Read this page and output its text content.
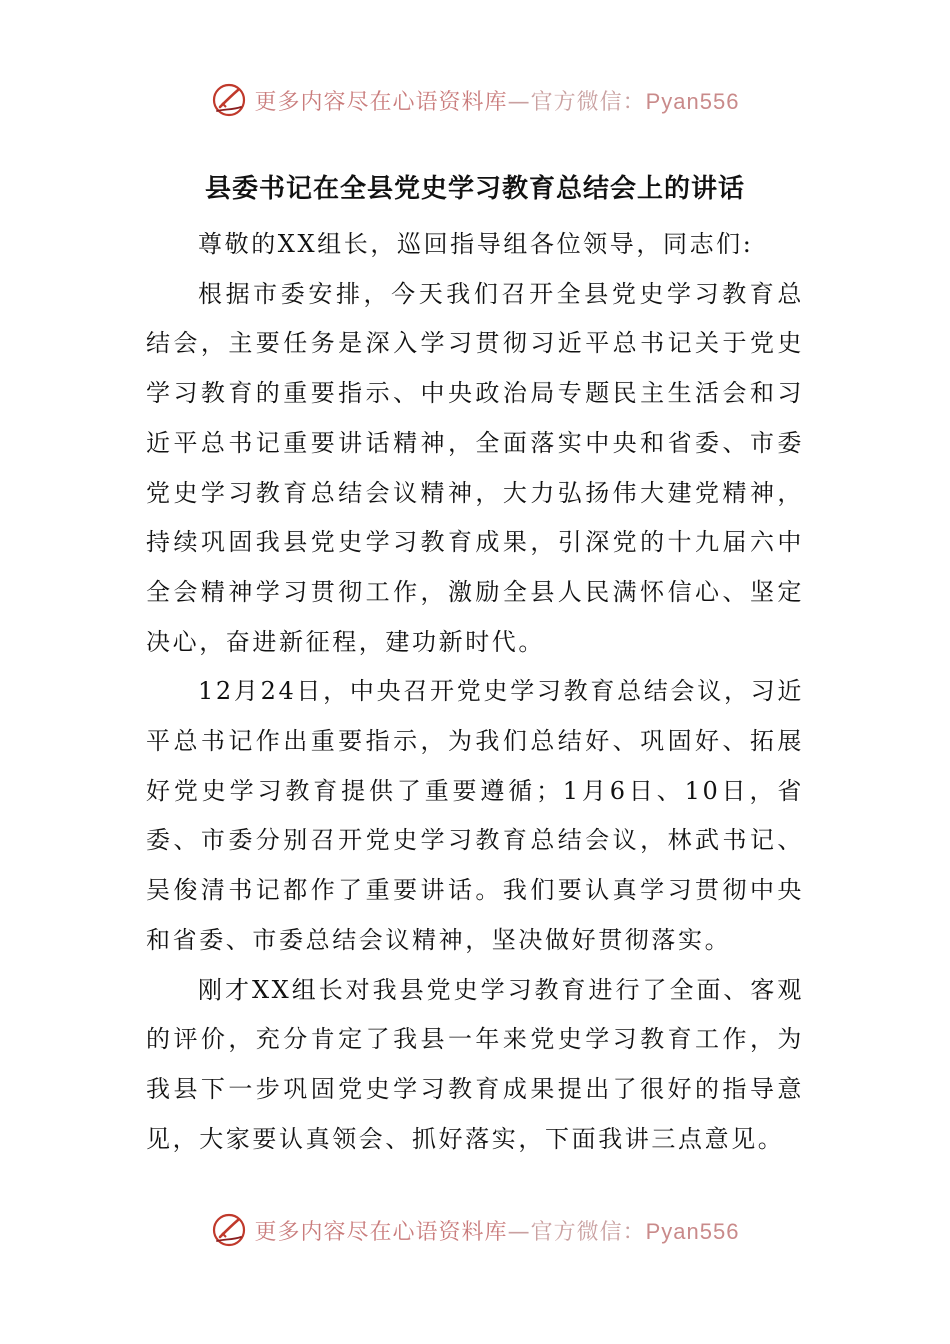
更多内容尽在心语资料库—官方微信：Pyan556
县委书记在全县党史学习教育总结会上的讲话

尊敬的XX组长，巡回指导组各位领导，同志们:

根据市委安排，今天我们召开全县党史学习教育总结会，主要任务是深入学习贯彻习近平总书记关于党史学习教育的重要指示、中央政治局专题民主生活会和习近平总书记重要讲话精神，全面落实中央和省委、市委党史学习教育总结会议精神，大力弘扬伟大建党精神，持续巩固我县党史学习教育成果，引深党的十九届六中全会精神学习贯彻工作，激励全县人民满怀信心、坚定决心，奋进新征程，建功新时代。

12月24日，中央召开党史学习教育总结会议，习近平总书记作出重要指示，为我们总结好、巩固好、拓展好党史学习教育提供了重要遵循；1月6日、10日，省委、市委分别召开党史学习教育总结会议，林武书记、吴俊清书记都作了重要讲话。我们要认真学习贯彻中央和省委、市委总结会议精神，坚决做好贯彻落实。

刚才XX组长对我县党史学习教育进行了全面、客观的评价，充分肯定了我县一年来党史学习教育工作，为我县下一步巩固党史学习教育成果提出了很好的指导意见，大家要认真领会、抓好落实，下面我讲三点意见。

更多内容尽在心语资料库—官方微信：Pyan556
